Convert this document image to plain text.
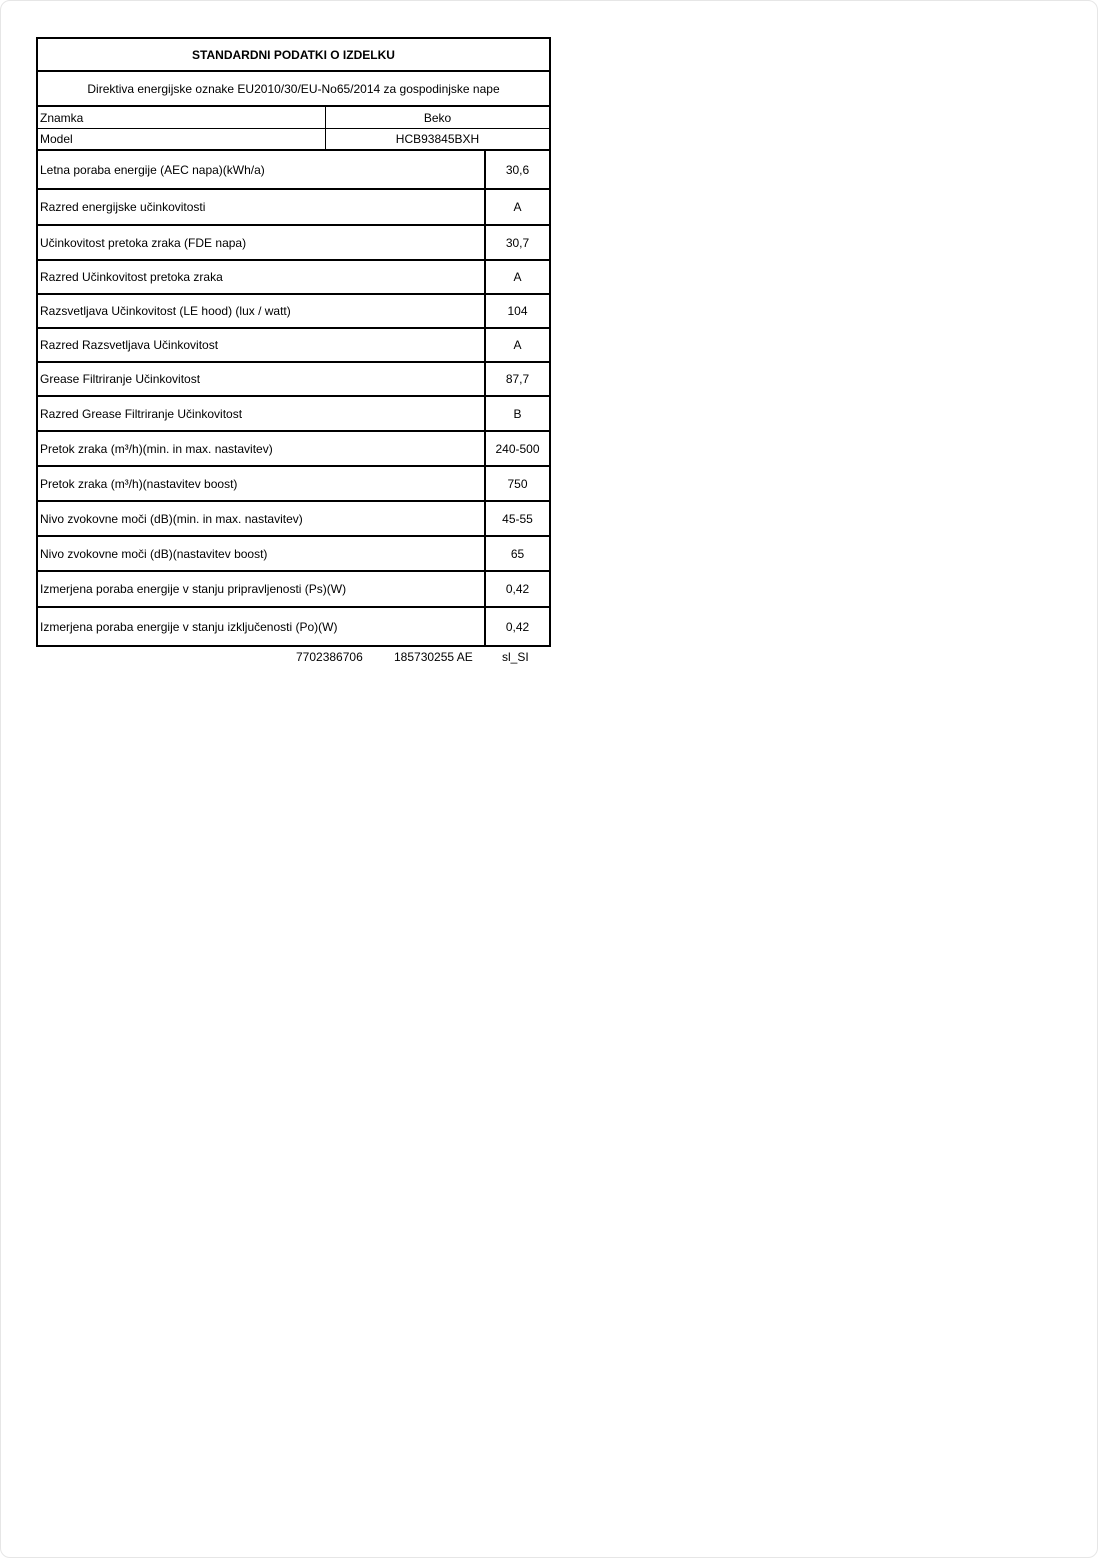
STANDARDNI PODATKI O IZDELKU
Direktiva energijske oznake EU2010/30/EU-No65/2014 za gospodinjske nape
Znamka	Beko
Model	HCB93845BXH
Letna poraba energije (AEC napa)(kWh/a)	30,6
Razred energijske učinkovitosti	A
Učinkovitost pretoka zraka (FDE napa)	30,7
Razred Učinkovitost pretoka zraka	A
Razsvetljava Učinkovitost (LE hood) (lux / watt)	104
Razred Razsvetljava Učinkovitost	A
Grease Filtriranje Učinkovitost	87,7
Razred Grease Filtriranje Učinkovitost	B
Pretok zraka (m³/h)(min. in max. nastavitev)	240-500
Pretok zraka (m³/h)(nastavitev boost)	750
Nivo zvokovne moči (dB)(min. in max. nastavitev)	45-55
Nivo zvokovne moči (dB)(nastavitev boost)	65
Izmerjena poraba energije v stanju pripravljenosti (Ps)(W)	0,42
Izmerjena poraba energije v stanju izključenosti (Po)(W)	0,42
7702386706	185730255 AE sl_SI
